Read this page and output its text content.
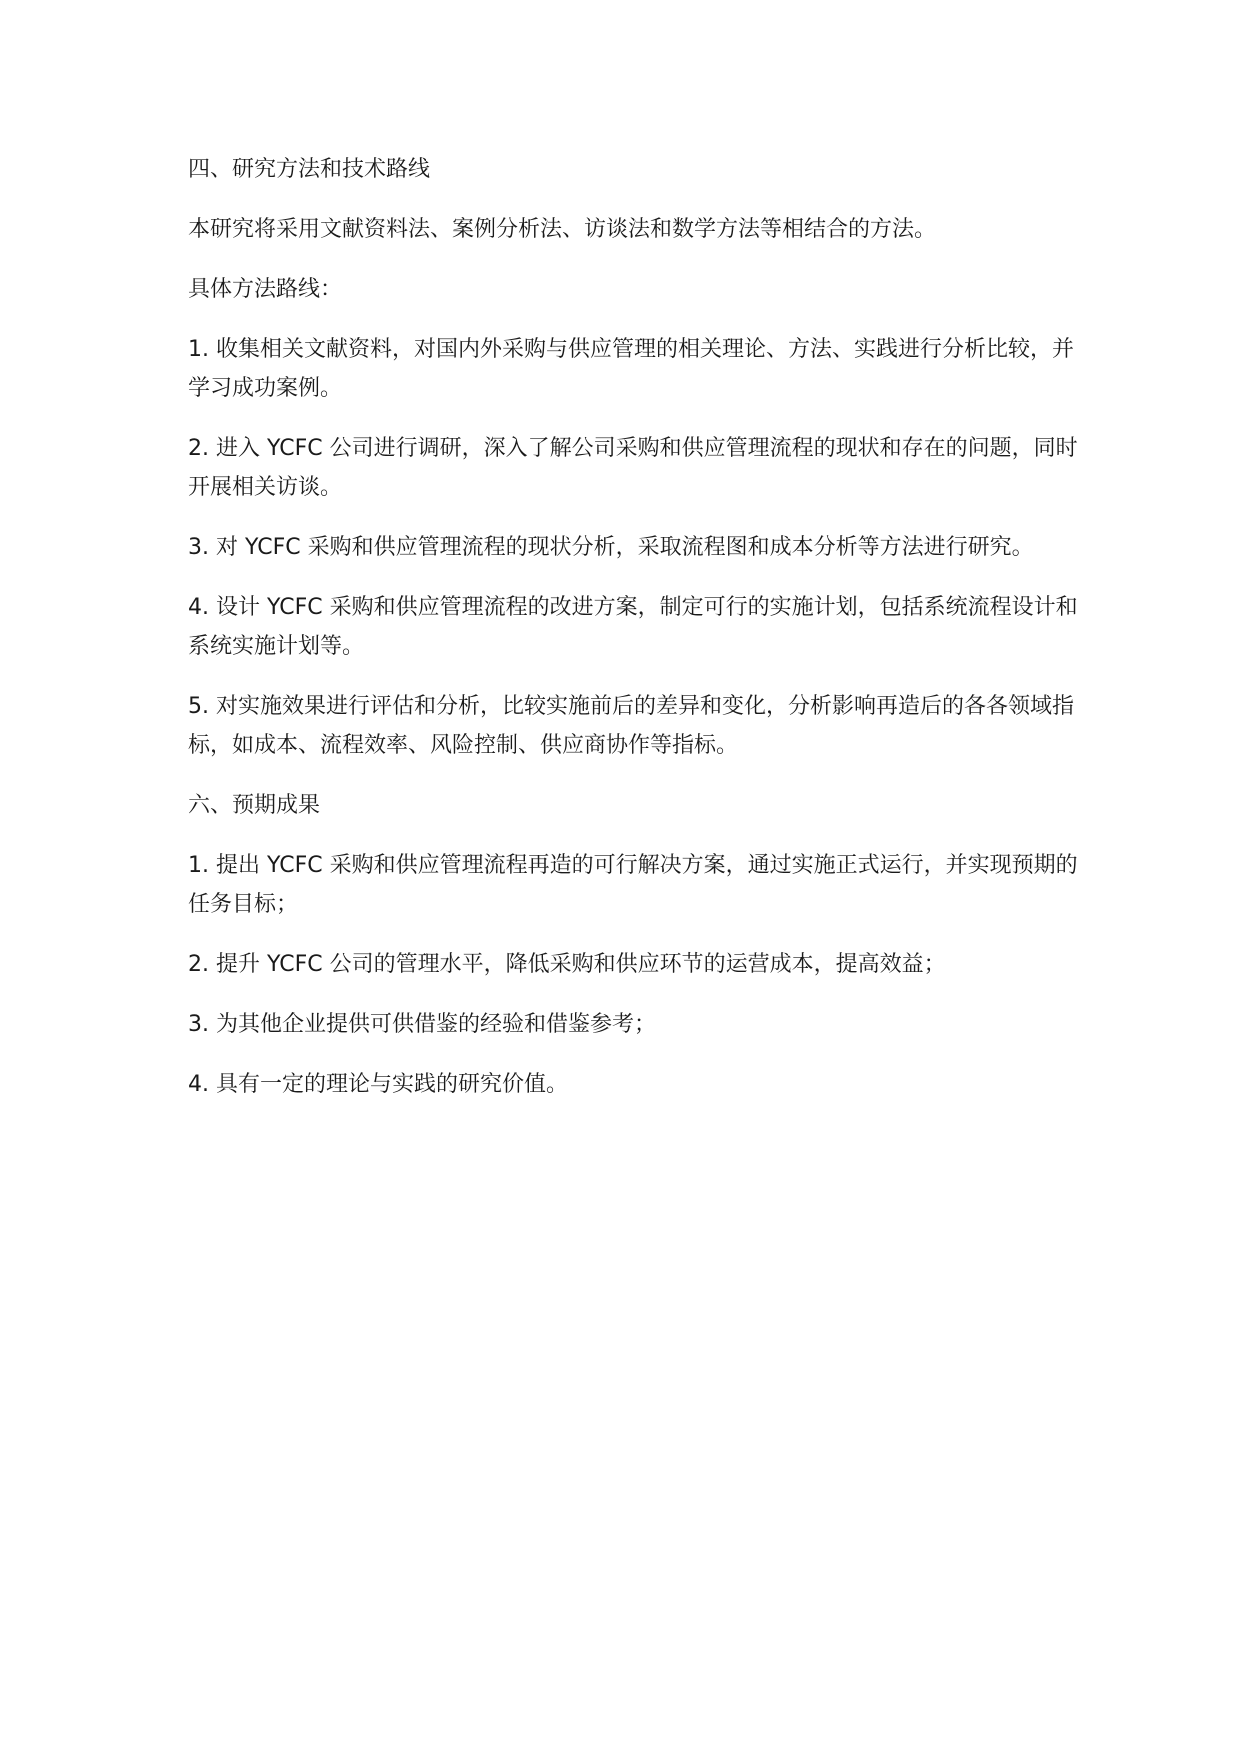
四、研究方法和技术路线

本研究将采用文献资料法、案例分析法、访谈法和数学方法等相结合的方法。

具体方法路线：

1. 收集相关文献资料，对国内外采购与供应管理的相关理论、方法、实践进行分析比较，并学习成功案例。

2. 进入 YCFC 公司进行调研，深入了解公司采购和供应管理流程的现状和存在的问题，同时开展相关访谈。

3. 对 YCFC 采购和供应管理流程的现状分析，采取流程图和成本分析等方法进行研究。

4. 设计 YCFC 采购和供应管理流程的改进方案，制定可行的实施计划，包括系统流程设计和系统实施计划等。

5. 对实施效果进行评估和分析，比较实施前后的差异和变化，分析影响再造后的各各领域指标，如成本、流程效率、风险控制、供应商协作等指标。

六、预期成果

1. 提出 YCFC 采购和供应管理流程再造的可行解决方案，通过实施正式运行，并实现预期的任务目标；

2. 提升 YCFC 公司的管理水平，降低采购和供应环节的运营成本，提高效益；

3. 为其他企业提供可供借鉴的经验和借鉴参考；

4. 具有一定的理论与实践的研究价值。
